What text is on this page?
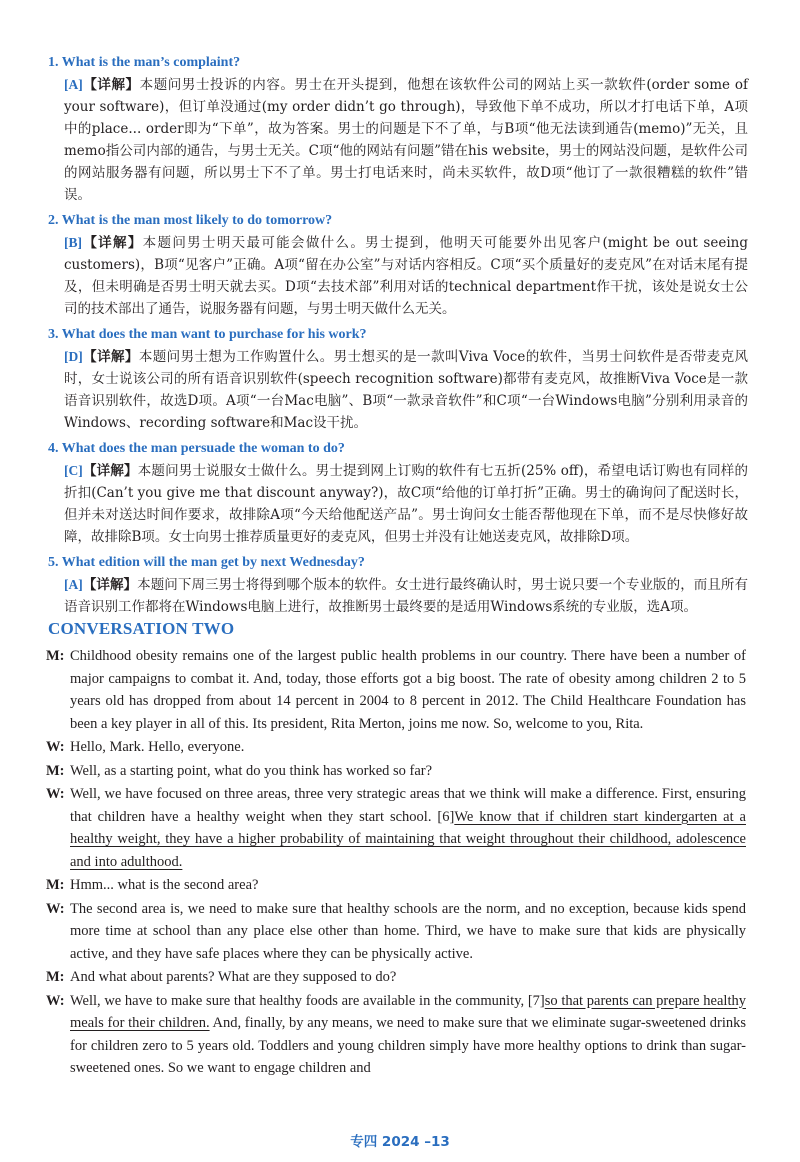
1. What is the man’s complaint?

[A]【详解】本题问男士投诉的内容。男士在开头提到，他想在该软件公司的网站上买一款软件(order some of your software)，但订单没通过(my order didn’t go through)，导致他下单不成功，所以才打电话下单，A项中的place... order即为“下单”，故为答案。男士的问题是下不了单，与B项“他无法读到通告(memo)”无关，且memo指公司内部的通告，与男士无关。C项“他的网站有问题”错在his website，男士的网站没问题，是软件公司的网站服务器有问题，所以男士下不了单。男士打电话来时，尚未买软件，故D项“他订了一款很糟糕的软件”错误。

2. What is the man most likely to do tomorrow?

[B]【详解】本题问男士明天最可能会做什么。男士提到，他明天可能要外出见客户(might be out seeing customers)，B项“见客户”正确。A项“留在办公室”与对话内容相反。C项“买个质量好的麦克风”在对话末尾有提及，但未明确是否男士明天就去买。D项“去技术部”利用对话的technical department作干扰，该处是说女士公司的技术部出了通告，说服务器有问题，与男士明天做什么无关。

3. What does the man want to purchase for his work?

[D]【详解】本题问男士想为工作购置什么。男士想买的是一款叫Viva Voce的软件，当男士问软件是否带麦克风时，女士说该公司的所有语音识别软件(speech recognition software)都带有麦克风，故推断Viva Voce是一款语音识别软件，故选D项。A项“一台Mac电脑”、B项“一款录音软件”和C项“一台Windows电脑”分别利用录音的Windows、recording software和Mac设干扰。

4. What does the man persuade the woman to do?

[C]【详解】本题问男士说服女士做什么。男士提到网上订购的软件有七五折(25% off)，希望电话订购也有同样的折扣(Can’t you give me that discount anyway?)，故C项“给他的订单打折”正确。男士的确询问了配送时长，但并未对送达时间作要求，故排除A项“今天给他配送产品”。男士询问女士能否帮他现在下单，而不是尽快修好故障，故排除B项。女士向男士推荐质量更好的麦克风，但男士并没有让她送麦克风，故排除D项。

5. What edition will the man get by next Wednesday?

[A]【详解】本题问下周三男士将得到哪个版本的软件。女士进行最终确认时，男士说只要一个专业版的，而且所有语音识别工作都将在Windows电脑上进行，故推断男士最终要的是适用Windows系统的专业版，选A项。

CONVERSATION TWO
M: Childhood obesity remains one of the largest public health problems in our country. There have been a number of major campaigns to combat it. And, today, those efforts got a big boost. The rate of obesity among children 2 to 5 years old has dropped from about 14 percent in 2004 to 8 percent in 2012. The Child Healthcare Foundation has been a key player in all of this. Its president, Rita Merton, joins me now. So, welcome to you, Rita.
W: Hello, Mark. Hello, everyone.
M: Well, as a starting point, what do you think has worked so far?
W: Well, we have focused on three areas, three very strategic areas that we think will make a difference. First, ensuring that children have a healthy weight when they start school. [6]We know that if children start kindergarten at a healthy weight, they have a higher probability of maintaining that weight throughout their childhood, adolescence and into adulthood.
M: Hmm... what is the second area?
W: The second area is, we need to make sure that healthy schools are the norm, and no exception, because kids spend more time at school than any place else other than home. Third, we have to make sure that kids are physically active, and they have safe places where they can be physically active.
M: And what about parents? What are they supposed to do?
W: Well, we have to make sure that healthy foods are available in the community, [7]so that parents can prepare healthy meals for their children. And, finally, by any means, we need to make sure that we eliminate sugar-sweetened drinks for children zero to 5 years old. Toddlers and young children simply have more healthy options to drink than sugar-sweetened ones. So we want to engage children and
专四 2024 –13
